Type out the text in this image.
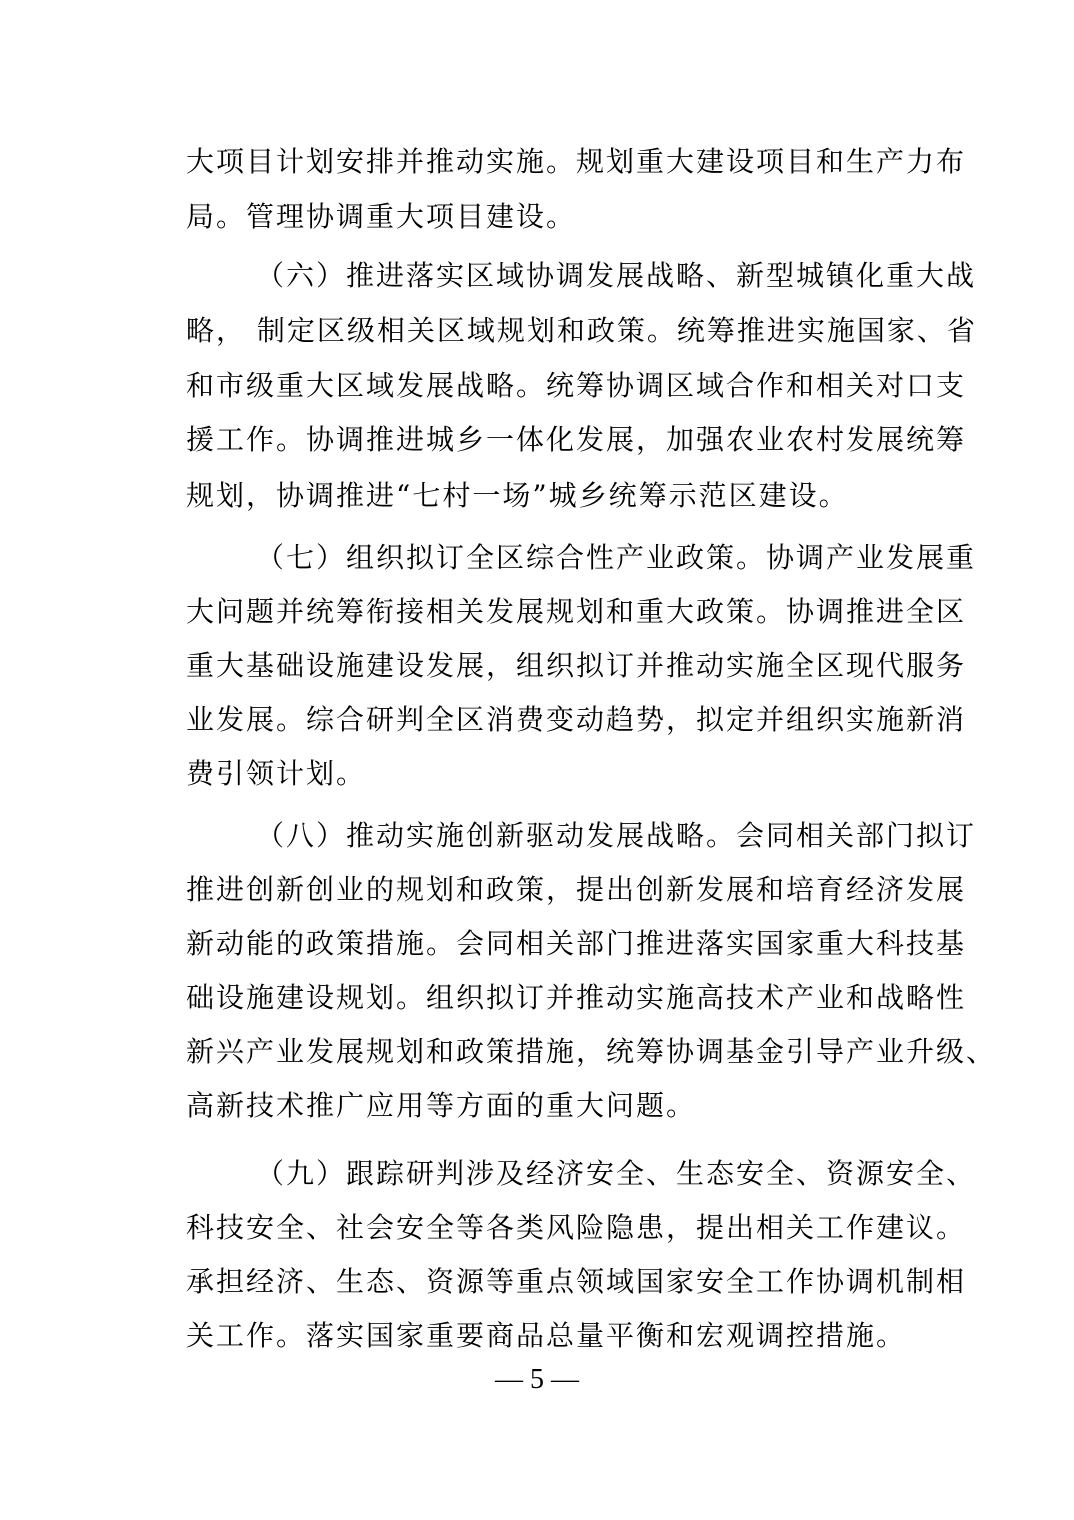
大项目计划安排并推动实施。规划重大建设项目和生产力布
局。管理协调重大项目建设。
（六）推进落实区域协调发展战略、新型城镇化重大战
略， 制定区级相关区域规划和政策。统筹推进实施国家、省
和市级重大区域发展战略。统筹协调区域合作和相关对口支
援工作。协调推进城乡一体化发展，加强农业农村发展统筹
规划，协调推进“七村一场”城乡统筹示范区建设。
（七）组织拟订全区综合性产业政策。协调产业发展重
大问题并统筹衔接相关发展规划和重大政策。协调推进全区
重大基础设施建设发展，组织拟订并推动实施全区现代服务
业发展。综合研判全区消费变动趋势，拟定并组织实施新消
费引领计划。
（八）推动实施创新驱动发展战略。会同相关部门拟订
推进创新创业的规划和政策，提出创新发展和培育经济发展
新动能的政策措施。会同相关部门推进落实国家重大科技基
础设施建设规划。组织拟订并推动实施高技术产业和战略性
新兴产业发展规划和政策措施，统筹协调基金引导产业升级、
高新技术推广应用等方面的重大问题。
（九）跟踪研判涉及经济安全、生态安全、资源安全、
科技安全、社会安全等各类风险隐患，提出相关工作建议。
承担经济、生态、资源等重点领域国家安全工作协调机制相
关工作。落实国家重要商品总量平衡和宏观调控措施。
— 5 —
